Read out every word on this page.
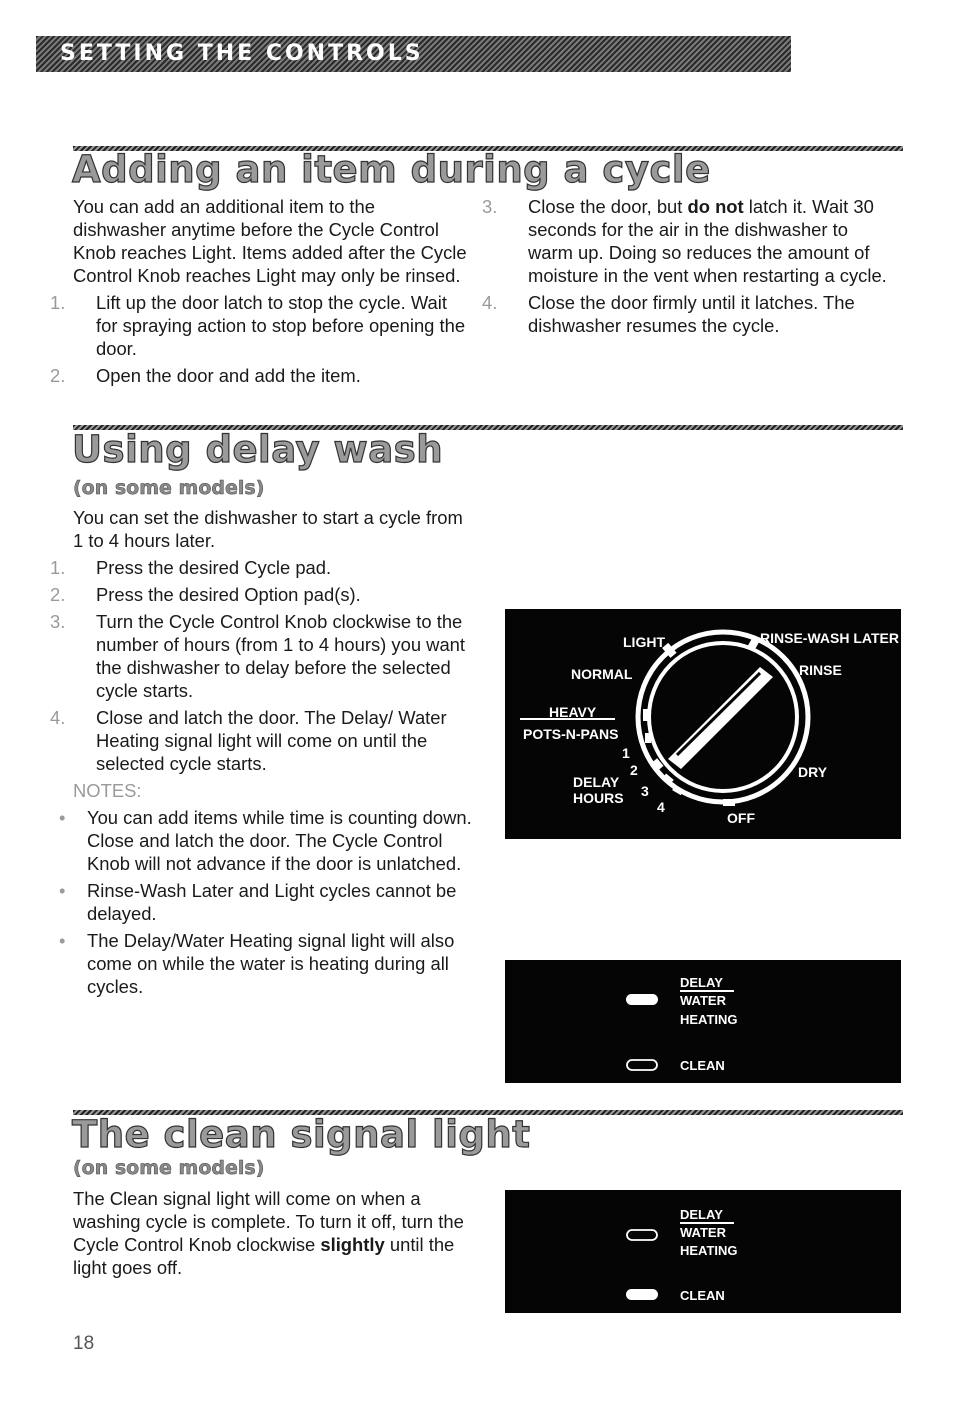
SETTING THE CONTROLS
Adding an item during a cycle

You can add an additional item to the dishwasher anytime before the Cycle Control Knob reaches Light. Items added after the Cycle Control Knob reaches Light may only be rinsed.

1. Lift up the door latch to stop the cycle. Wait for spraying action to stop before opening the door.

2. Open the door and add the item.

3. Close the door, but do not latch it. Wait 30 seconds for the air in the dishwasher to warm up. Doing so reduces the amount of moisture in the vent when restarting a cycle.

4. Close the door firmly until it latches. The dishwasher resumes the cycle.

Using delay wash
(on some models)

You can set the dishwasher to start a cycle from 1 to 4 hours later.

1. Press the desired Cycle pad.

2. Press the desired Option pad(s).

3. Turn the Cycle Control Knob clockwise to the number of hours (from 1 to 4 hours) you want the dishwasher to delay before the selected cycle starts.

4. Close and latch the door. The Delay/ Water Heating signal light will come on until the selected cycle starts.

NOTES:

• You can add items while time is counting down. Close and latch the door. The Cycle Control Knob will not advance if the door is unlatched.

• Rinse-Wash Later and Light cycles cannot be delayed.

• The Delay/Water Heating signal light will also come on while the water is heating during all cycles.

LIGHT	RINSE-WASH LATER
NORMAL	RINSE
HEAVY
POTS-N-PANS
DRY
DELAY
HOURS
OFF
1
2
3
4
DELAY
WATER
HEATING
CLEAN
The clean signal light
(on some models)

The Clean signal light will come on when a washing cycle is complete. To turn it off, turn the Cycle Control Knob clockwise slightly until the light goes off.

DELAY
WATER
HEATING
CLEAN
18
